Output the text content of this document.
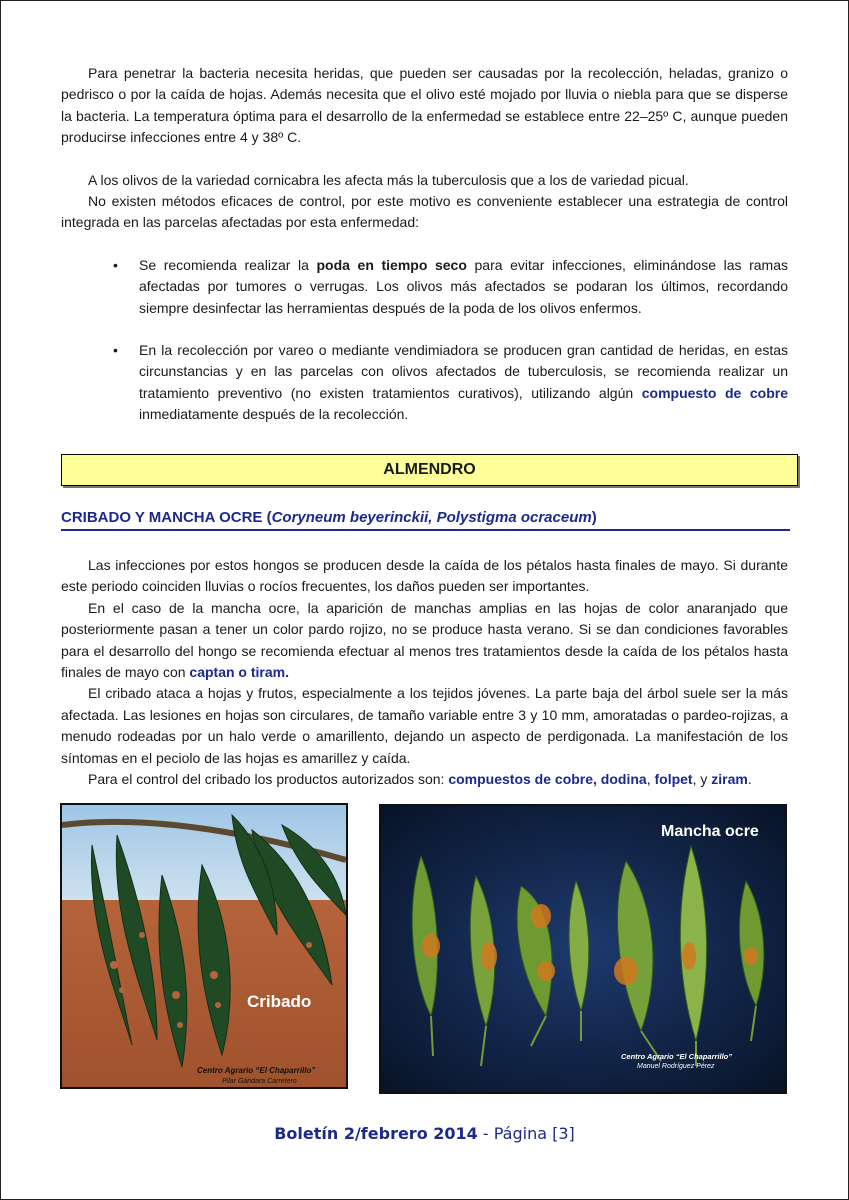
Para penetrar la bacteria necesita heridas, que pueden ser causadas por la recolección, heladas, granizo o pedrisco o por la caída de hojas. Además necesita que el olivo esté mojado por lluvia o niebla para que se disperse la bacteria. La temperatura óptima para el desarrollo de la enfermedad se establece entre 22–25º C, aunque pueden producirse infecciones entre 4 y 38º C.

A los olivos de la variedad cornicabra les afecta más la tuberculosis que a los de variedad picual.

No existen métodos eficaces de control, por este motivo es conveniente establecer una estrategia de control integrada en las parcelas afectadas por esta enfermedad:

• Se recomienda realizar la poda en tiempo seco para evitar infecciones, eliminándose las ramas afectadas por tumores o verrugas. Los olivos más afectados se podaran los últimos, recordando siempre desinfectar las herramientas después de la poda de los olivos enfermos.
• En la recolección por vareo o mediante vendimiadora se producen gran cantidad de heridas, en estas circunstancias y en las parcelas con olivos afectados de tuberculosis, se recomienda realizar un tratamiento preventivo (no existen tratamientos curativos), utilizando algún compuesto de cobre inmediatamente después de la recolección.
ALMENDRO
CRIBADO Y MANCHA OCRE (Coryneum beyerinckii, Polystigma ocraceum)

Las infecciones por estos hongos se producen desde la caída de los pétalos hasta finales de mayo. Si durante este periodo coinciden lluvias o rocíos frecuentes, los daños pueden ser importantes.

En el caso de la mancha ocre, la aparición de manchas amplias en las hojas de color anaranjado que posteriormente pasan a tener un color pardo rojizo, no se produce hasta verano. Si se dan condiciones favorables para el desarrollo del hongo se recomienda efectuar al menos tres tratamientos desde la caída de los pétalos hasta finales de mayo con captan o tiram.

El cribado ataca a hojas y frutos, especialmente a los tejidos jóvenes. La parte baja del árbol suele ser la más afectada. Las lesiones en hojas son circulares, de tamaño variable entre 3 y 10 mm, amoratadas o pardeo-rojizas, a menudo rodeadas por un halo verde o amarillento, dejando un aspecto de perdigonada. La manifestación de los síntomas en el peciolo de las hojas es amarillez y caída.

Para el control del cribado los productos autorizados son: compuestos de cobre, dodina, folpet, y ziram.

Cribado
Centro Agrario “El Chaparrillo”
Pilar Gándara Carretero
Mancha ocre
Centro Agrario “El Chaparrillo”
Manuel Rodríguez Pérez
Boletín 2/febrero 2014 - Página [3]
